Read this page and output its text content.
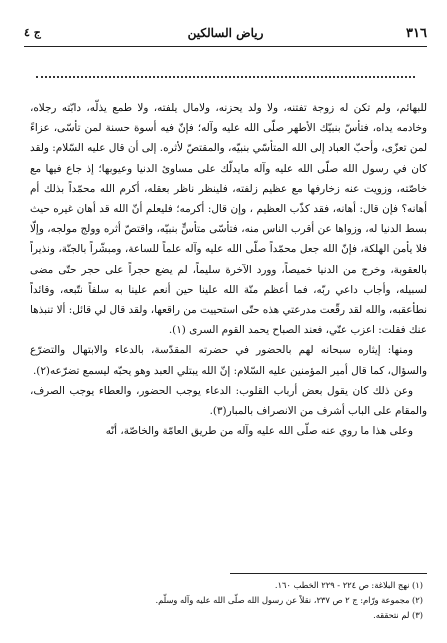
٣١٦
رياض السالكين
ج ٤

للبهائم، ولم تكن له زوجة تفتنه، ولا ولد يحزنه، ولامال يلفته، ولا طمع يذلّه، دابّته رجلاه، وخادمه يداه، فتأسّ بنبيّك الأطهر صلّى الله عليه وآله؛ فإنّ فيه أسوة حسنة لمن تأسّى، عزاءً لمن تعزّى، وأحبّ العباد إلى الله المتأسّي بنبيّه، والمقتصّ لأثره. إلى أن قال عليه السّلام: ولقد كان في رسول الله صلّى الله عليه وآله مايدلّك على مساوئ الدنيا وعيوبها؛ إذ جاع فيها مع خاصّته، وزويت عنه زخارفها مع عظيم زلفته، فلينظر ناظر بعقله، أكرم الله محمّداً بذلك أم أهانه؟ فإن قال: أهانه، فقد كذّب العظيم ، وإن قال: أكرمه؛ فليعلم أنّ الله قد أهان غيره حيث بسط الدنيا له، وزواها عن أقرب الناس منه، فتأسّى متأسٍّ بنبيّه، واقتصّ أثره وولج مولجه، وإلّا فلا يأمن الهلكة، فإنّ الله جعل محمّداً صلّى الله عليه وآله علماً للساعة، ومبشّراً بالجنّة، ونذيراً بالعقوبة، وخرج من الدنيا خميصاً، وورد الآخرة سليماً، لم يضع حجراً على حجر حتّى مضى لسبيله، وأجاب داعي ربّه، فما أعظم منّة الله علينا حين أنعم علينا به سلفاً نتّبعه، وقائداً نطأعقبه، والله لقد رقّعت مدرعتي هذه حتّى استحييت من راقعها، ولقد قال لي قائل: ألا تنبذها عنك فقلت: اعزب عنّي، فعند الصباح يحمد القوم السرى (١).

ومنها: إيثاره سبحانه لهم بالحضور في حضرته المقدّسة، بالدعاء والابتهال والتضرّع والسؤال، كما قال أمير المؤمنين عليه السّلام: إنّ الله يبتلي العبد وهو يحبّه ليسمع تضرّعه(٢).

وعن ذلك كان يقول بعض أرباب القلوب: الدعاء يوجب الحضور، والعطاء يوجب الصرف، والمقام على الباب أشرف من الانصراف بالمبار(٣).

وعلى هذا ما روي عنه صلّى الله عليه وآله من طريق العامّة والخاصّة، أنّه

(١) نهج البلاغة: ص ٢٢٤ - ٢٢٩ الخطب ١٦٠.
(٢) مجموعة ورّام: ج ٢ ص ٢٣٧، نقلاً عن رسول الله صلّى الله عليه وآله وسلّم.
(٣) لم نتحققه.
